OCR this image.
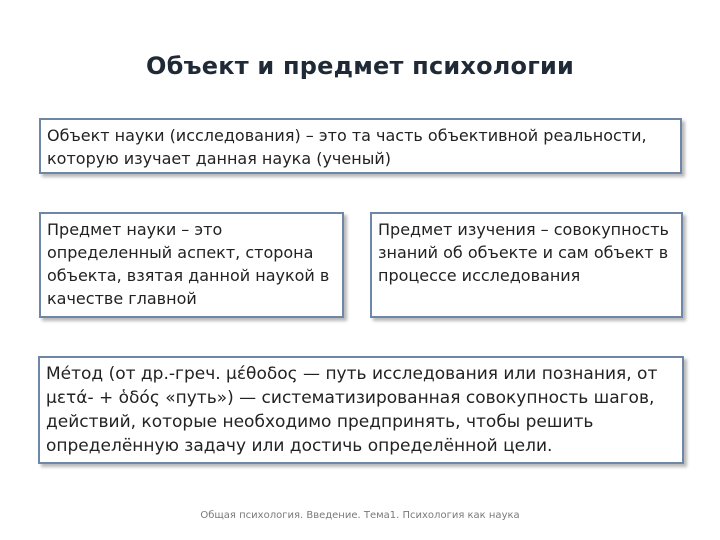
Объект и предмет психологии
Объект науки (исследования) – это та часть объективной реальности, которую изучает данная наука (ученый)
Предмет науки – это определенный аспект, сторона объекта, взятая данной наукой в качестве главной
Предмет изучения – совокупность знаний об объекте и сам объект в процессе исследования
Ме́тод (от др.-греч. μέθοδος — путь исследования или познания, от μετά- + ὁδός «путь») — систематизированная совокупность шагов, действий, которые необходимо предпринять, чтобы решить определённую задачу или достичь определённой цели.
Общая психология. Введение. Тема1. Психология как наука
